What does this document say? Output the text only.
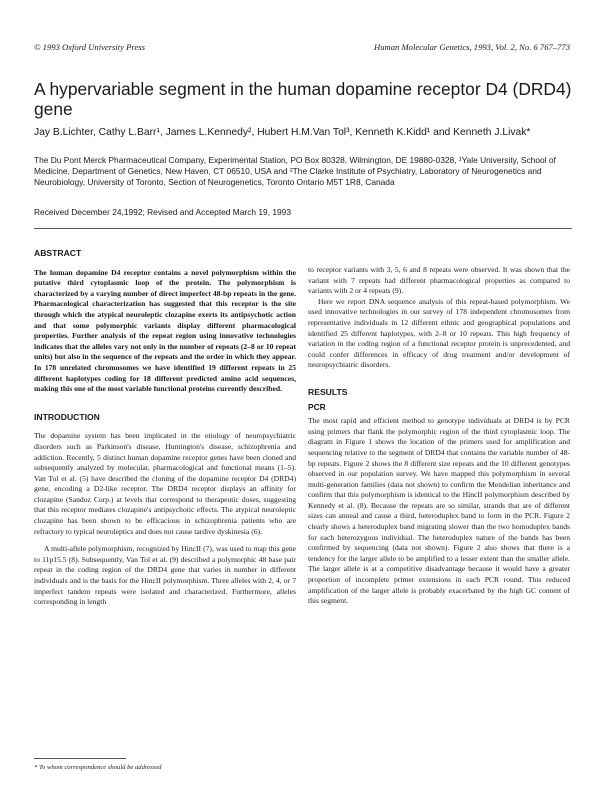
© 1993 Oxford University Press	Human Molecular Genetics, 1993, Vol. 2, No. 6 767–773
A hypervariable segment in the human dopamine receptor D4 (DRD4) gene
Jay B.Lichter, Cathy L.Barr¹, James L.Kennedy², Hubert H.M.Van Tol³, Kenneth K.Kidd¹ and Kenneth J.Livak*
The Du Pont Merck Pharmaceutical Company, Experimental Station, PO Box 80328, Wilmington, DE 19880-0328, ¹Yale University, School of Medicine, Department of Genetics, New Haven, CT 06510, USA and ²The Clarke Institute of Psychiatry, Laboratory of Neurogenetics and Neurobiology, University of Toronto, Section of Neurogenetics, Toronto Ontario M5T 1R8, Canada
Received December 24,1992; Revised and Accepted March 19, 1993
ABSTRACT

The human dopamine D4 receptor contains a novel polymorphism within the putative third cytoplasmic loop of the protein. The polymorphism is characterized by a varying number of direct imperfect 48-bp repeats in the gene. Pharmacological characterization has suggested that this receptor is the site through which the atypical neuroleptic clozapine exerts its antipsychotic action and that some polymorphic variants display different pharmacological properties. Further analysis of the repeat region using innovative technologies indicates that the alleles vary not only in the number of repeats (2–8 or 10 repeat units) but also in the sequence of the repeats and the order in which they appear. In 178 unrelated chromosomes we have identified 19 different repeats in 25 different haplotypes coding for 18 different predicted amino acid sequences, making this one of the most variable functional proteins currently described.

INTRODUCTION

The dopamine system has been implicated in the etiology of neuropsychiatric disorders such as Parkinson's disease, Huntington's disease, schizophrenia and addiction. Recently, 5 distinct human dopamine receptor genes have been cloned and subsequently analyzed by molecular, pharmacological and functional means (1–5). Van Tol et al. (5) have described the cloning of the dopamine receptor D4 (DRD4) gene, encoding a D2-like receptor. The DRD4 receptor displays an affinity for clozapine (Sandoz Corp.) at levels that correspond to therapeutic doses, suggesting that this receptor mediates clozapine's antipsychotic effects. The atypical neuroleptic clozapine has been shown to be efficacious in schizophrenia patients who are refractory to typical neuroleptics and does not cause tardive dyskinesia (6).

A multi-allele polymorphism, recognized by HincII (7), was used to map this gene to 11p15.5 (8). Subsequently, Van Tol et al. (9) described a polymorphic 48 base pair repeat in the coding region of the DRD4 gene that varies in number in different individuals and is the basis for the HincII polymorphism. Three alleles with 2, 4, or 7 imperfect tandem repeats were isolated and characterized. Furthermore, alleles corresponding in length

to receptor variants with 3, 5, 6 and 8 repeats were observed. It was shown that the variant with 7 repeats had different pharmacological properties as compared to variants with 2 or 4 repeats (9).

Here we report DNA sequence analysis of this repeat-based polymorphism. We used innovative technologies in our survey of 178 independent chromosomes from representative individuals in 12 different ethnic and geographical populations and identified 25 different haplotypes, with 2–8 or 10 repeats. This high frequency of variation in the coding region of a functional receptor protein is unprecedented, and could confer differences in efficacy of drug treatment and/or development of neuropsychiatric disorders.

RESULTS
PCR

The most rapid and efficient method to genotype individuals at DRD4 is by PCR using primers that flank the polymorphic region of the third cytoplasmic loop. The diagram in Figure 1 shows the location of the primers used for amplification and sequencing relative to the segment of DRD4 that contains the variable number of 48-bp repeats. Figure 2 shows the 8 different size repeats and the 10 different genotypes observed in our population survey. We have mapped this polymorphism in several multi-generation families (data not shown) to confirm the Mendelian inheritance and confirm that this polymorphism is identical to the HincII polymorphism described by Kennedy et al. (8). Because the repeats are so similar, strands that are of different sizes can anneal and cause a third, heteroduplex band to form in the PCR. Figure 2 clearly shows a heteroduplex band migrating slower than the two homoduplex bands for each heterozygous individual. The heteroduplex nature of the bands has been confirmed by sequencing (data not shown). Figure 2 also shows that there is a tendency for the larger allele to be amplified to a lesser extent than the smaller allele. The larger allele is at a competitive disadvantage because it would have a greater proportion of incomplete primer extensions in each PCR round. This reduced amplification of the larger allele is probably exacerbated by the high GC content of this segment.

* To whom correspondence should be addressed
